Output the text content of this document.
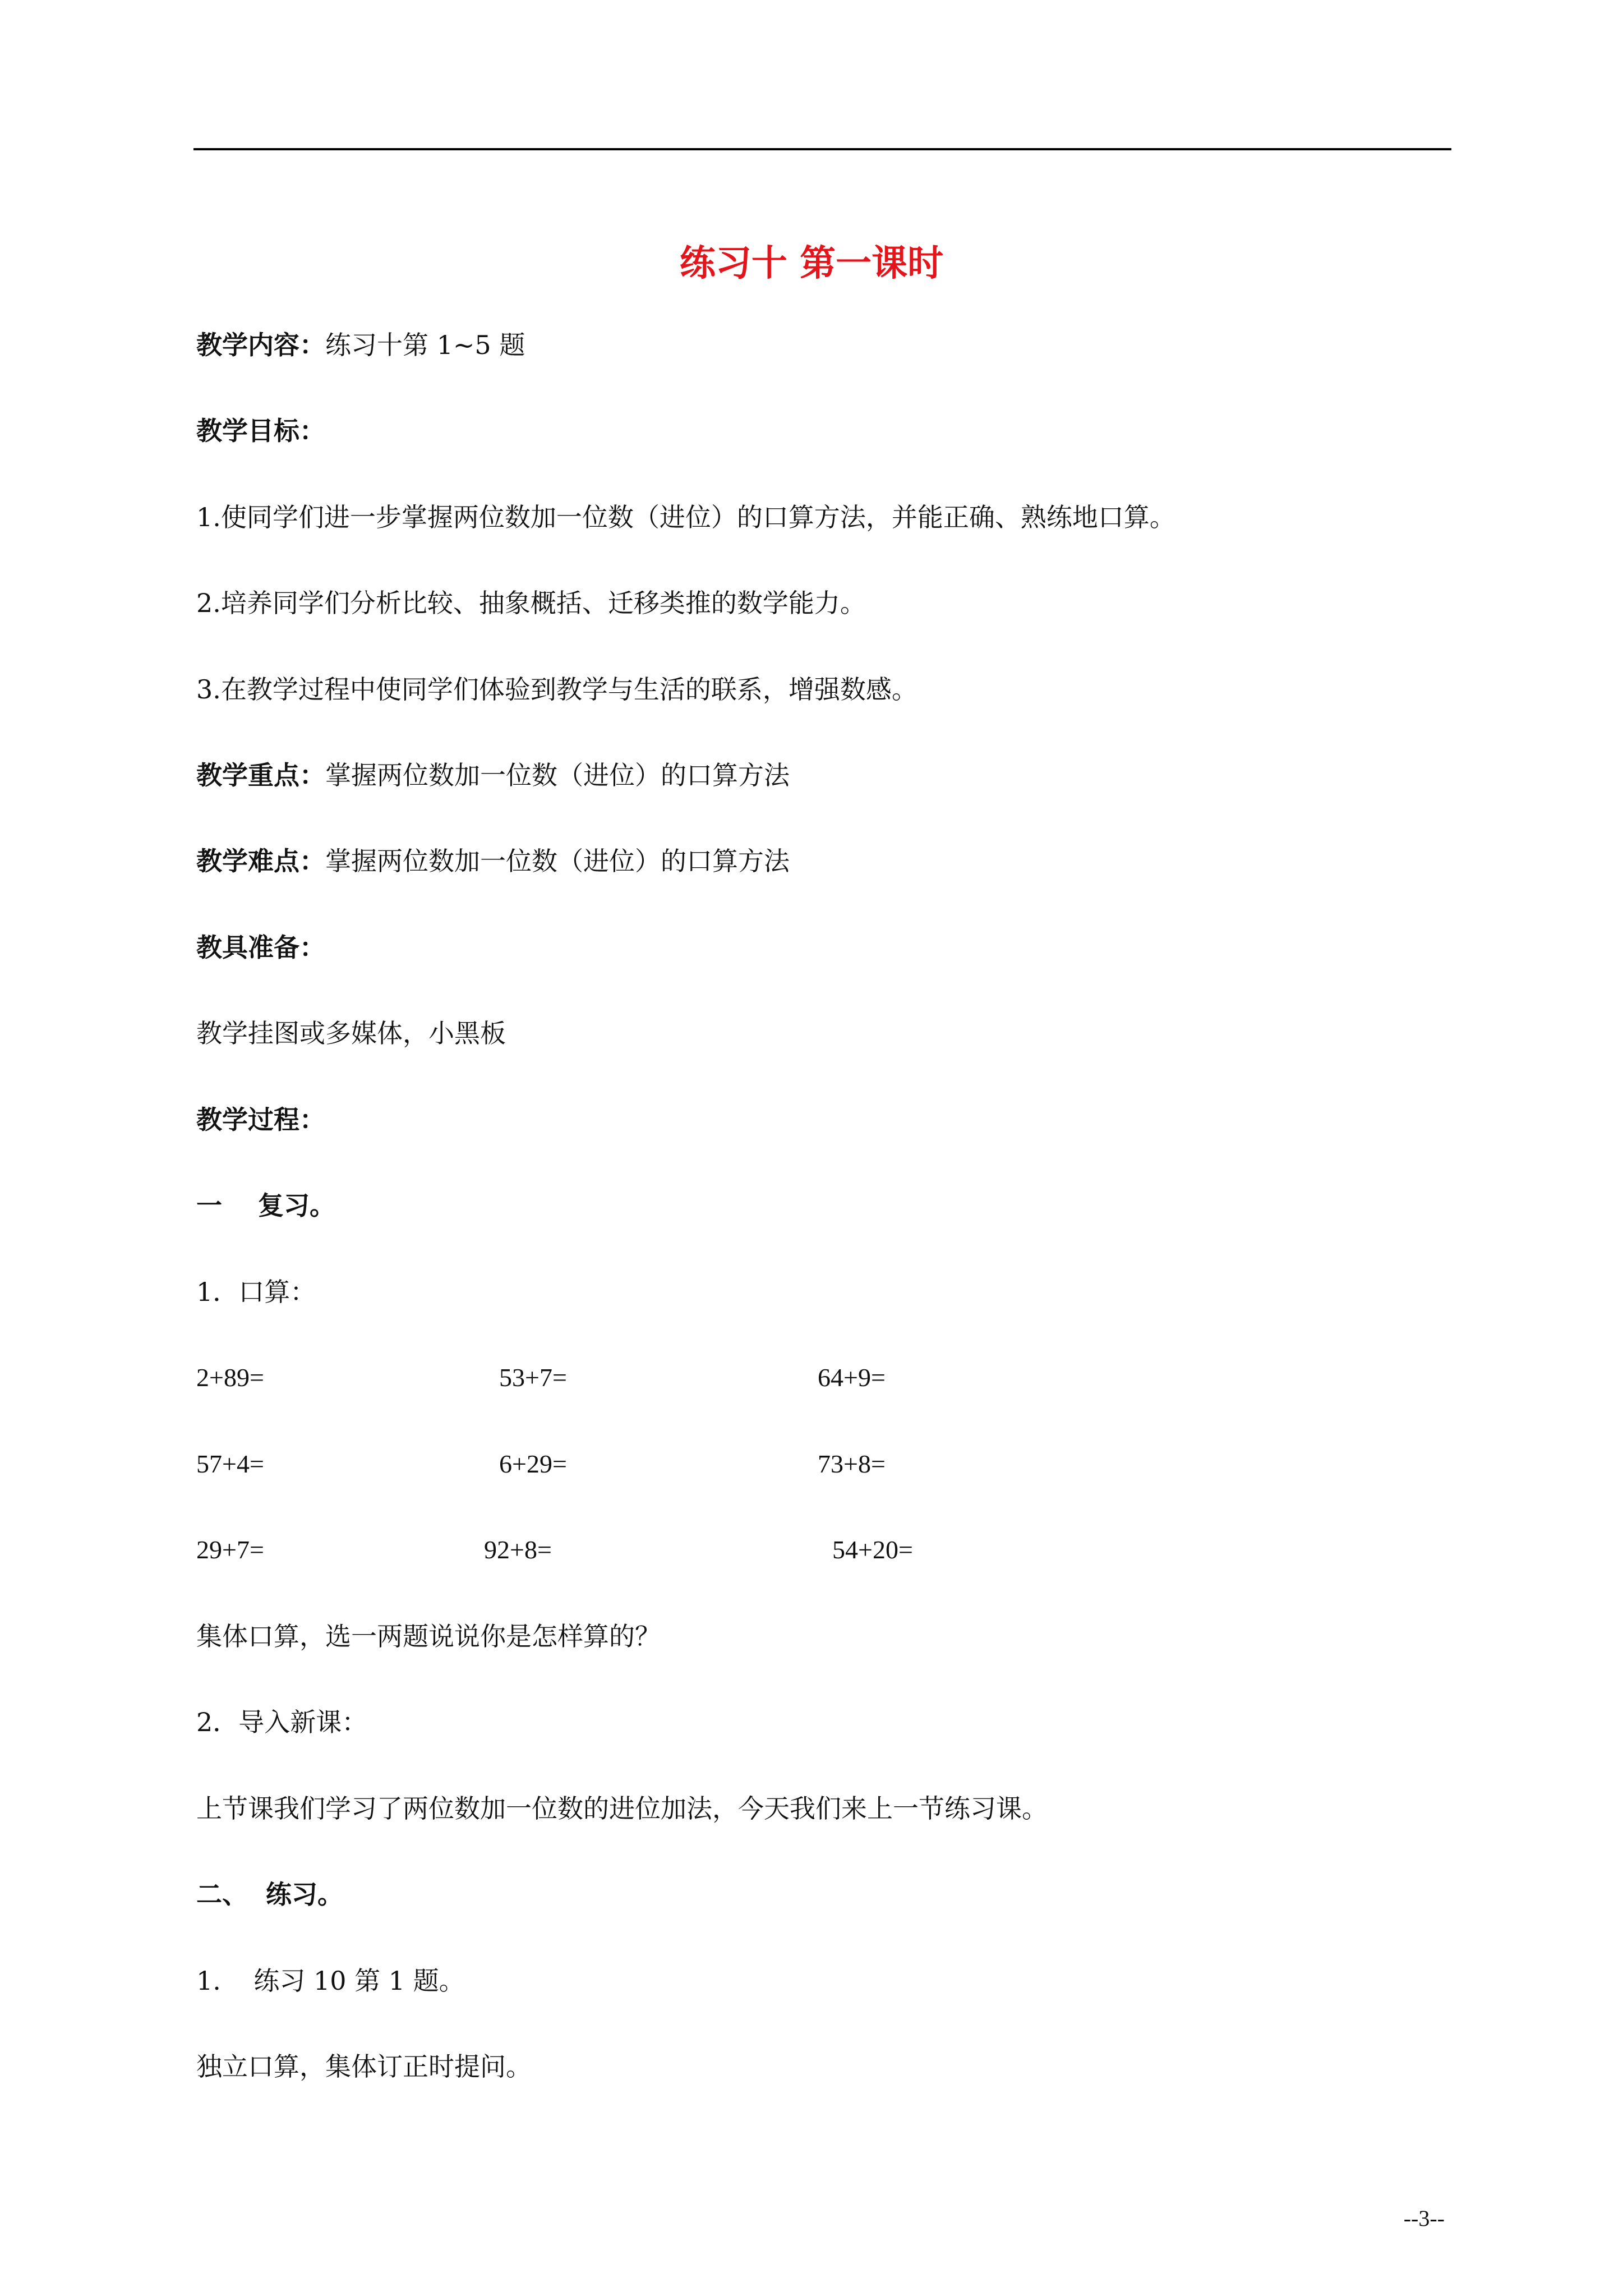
练习十 第一课时
教学内容：练习十第 1~5 题
教学目标：
1.使同学们进一步掌握两位数加一位数（进位）的口算方法，并能正确、熟练地口算。
2.培养同学们分析比较、抽象概括、迁移类推的数学能力。
3.在教学过程中使同学们体验到教学与生活的联系，增强数感。
教学重点：掌握两位数加一位数（进位）的口算方法
教学难点：掌握两位数加一位数（进位）的口算方法
教具准备：
教学挂图或多媒体，小黑板
教学过程：
一    复习。
1．口算：
2+89=	53+7=	64+9=
57+4=	6+29=	73+8=
29+7=	92+8=	54+20=
集体口算，选一两题说说你是怎样算的？
2．导入新课：
上节课我们学习了两位数加一位数的进位加法，今天我们来上一节练习课。
二、  练习。
1.    练习 10 第 1 题。
独立口算，集体订正时提问。
--3--
